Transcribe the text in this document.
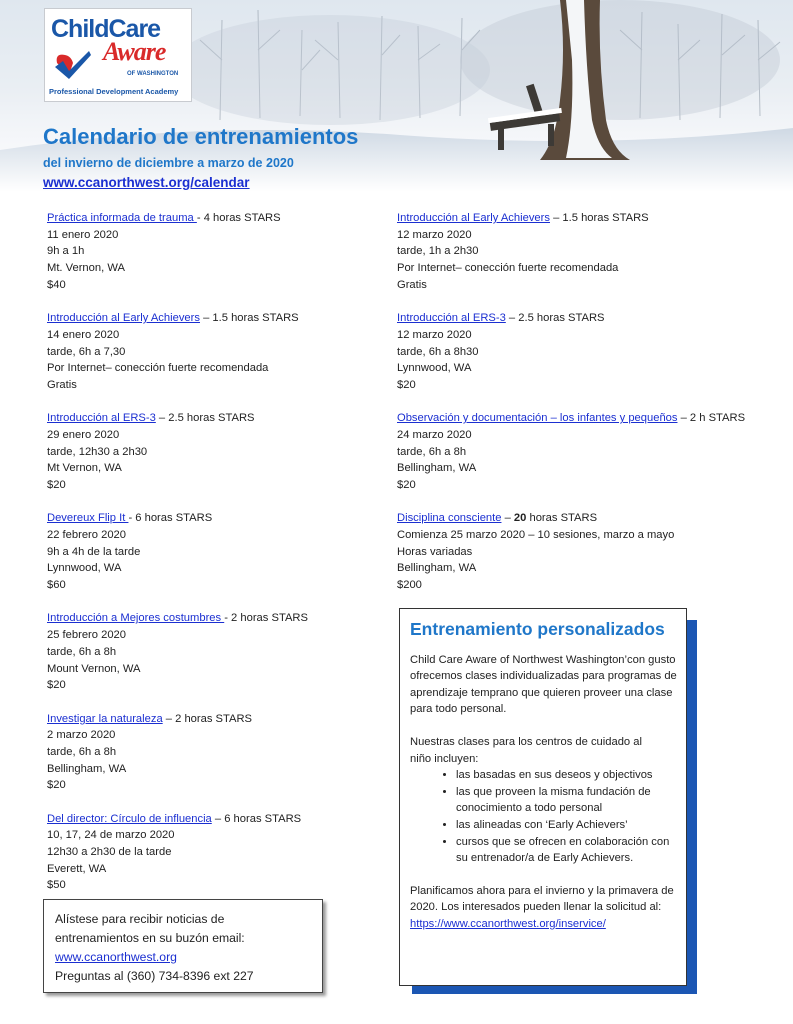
ChildCare
Aware
OF WASHINGTON
Professional Development Academy
Calendario de entrenamientos
del invierno de diciembre a marzo de 2020
www.ccanorthwest.org/calendar
Práctica informada de trauma - 4 horas STARS
11 enero 2020
9h a 1h
Mt. Vernon, WA
$40
Introducción al Early Achievers – 1.5 horas STARS
14 enero 2020
tarde, 6h a 7,30
Por Internet– conección fuerte recomendada
Gratis
Introducción al ERS-3 – 2.5 horas STARS
29 enero 2020
tarde, 12h30 a 2h30
Mt Vernon, WA
$20
Devereux Flip It - 6 horas STARS
22 febrero 2020
9h a 4h de la tarde
Lynnwood, WA
$60
Introducción a Mejores costumbres - 2 horas STARS
25 febrero 2020
tarde, 6h a 8h
Mount Vernon, WA
$20
Investigar la naturaleza – 2 horas STARS
2 marzo 2020
tarde, 6h a 8h
Bellingham, WA
$20
Del director: Círculo de influencia – 6 horas STARS
10, 17, 24 de marzo 2020
12h30 a 2h30 de la tarde
Everett, WA
$50
Introducción al Early Achievers – 1.5 horas STARS
12 marzo 2020
tarde, 1h a 2h30
Por Internet– conección fuerte recomendada
Gratis
Introducción al ERS-3 – 2.5 horas STARS
12 marzo 2020
tarde, 6h a 8h30
Lynnwood, WA
$20
Observación y documentación – los infantes y pequeños – 2 h STARS
24 marzo 2020
tarde, 6h a 8h
Bellingham, WA
$20
Disciplina consciente – 20 horas STARS
Comienza 25 marzo 2020 – 10 sesiones, marzo a mayo
Horas variadas
Bellingham, WA
$200
Alístese para recibir noticias de
entrenamientos en su buzón email:
www.ccanorthwest.org
Preguntas al (360) 734-8396 ext 227
Entrenamiento personalizados

Child Care Aware of Northwest Washington’con gusto ofrecemos clases individualizadas para programas de aprendizaje temprano que quieren proveer una clase para todo personal.

Nuestras clases para los centros de cuidado al
niño incluyen:

• las basadas en sus deseos y objectivos
• las que proveen la misma fundación de conocimiento a todo personal
• las alineadas con ‘Early Achievers’
• cursos que se ofrecen en colaboración con su entrenador/a de Early Achievers.

Planificamos ahora para el invierno y la primavera de 2020. Los interesados pueden llenar la solicitud al:
https://www.ccanorthwest.org/inservice/
